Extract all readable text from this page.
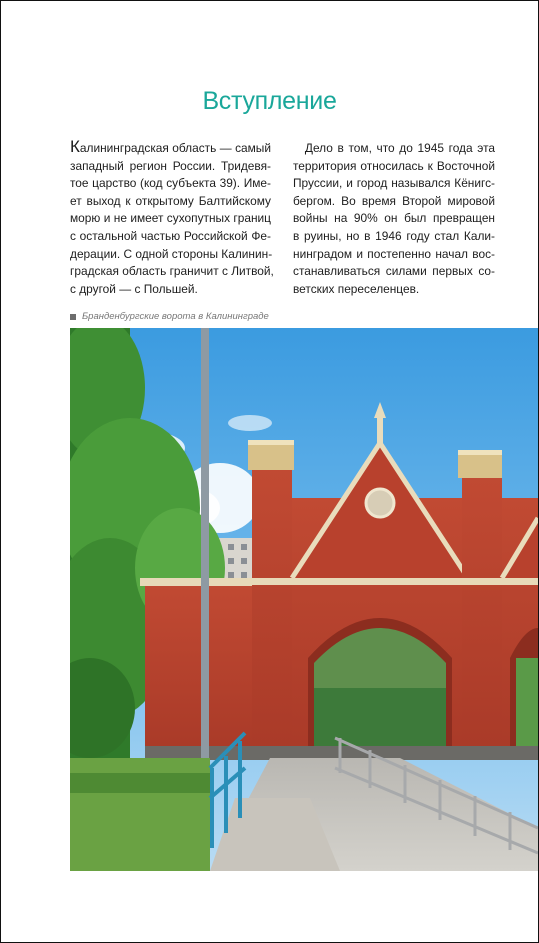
Вступление
Калининградская область — самый
западный регион России. Тридевя-
тое царство (код субъекта 39). Име-
ет выход к открытому Балтийскому
морю и не имеет сухопутных границ
с остальной частью Российской Фе-
дерации. С одной стороны Калинин-
градская область граничит с Литвой,
с другой — с Польшей.
 Дело в том, что до 1945 года эта
территория относилась к Восточной
Пруссии, и город назывался Кёнигс-
бергом. Во время Второй мировой
войны на 90% он был превращен
в руины, но в 1946 году стал Кали-
нинградом и постепенно начал вос-
станавливаться силами первых со-
ветских переселенцев.
Бранденбургские ворота в Калининграде
